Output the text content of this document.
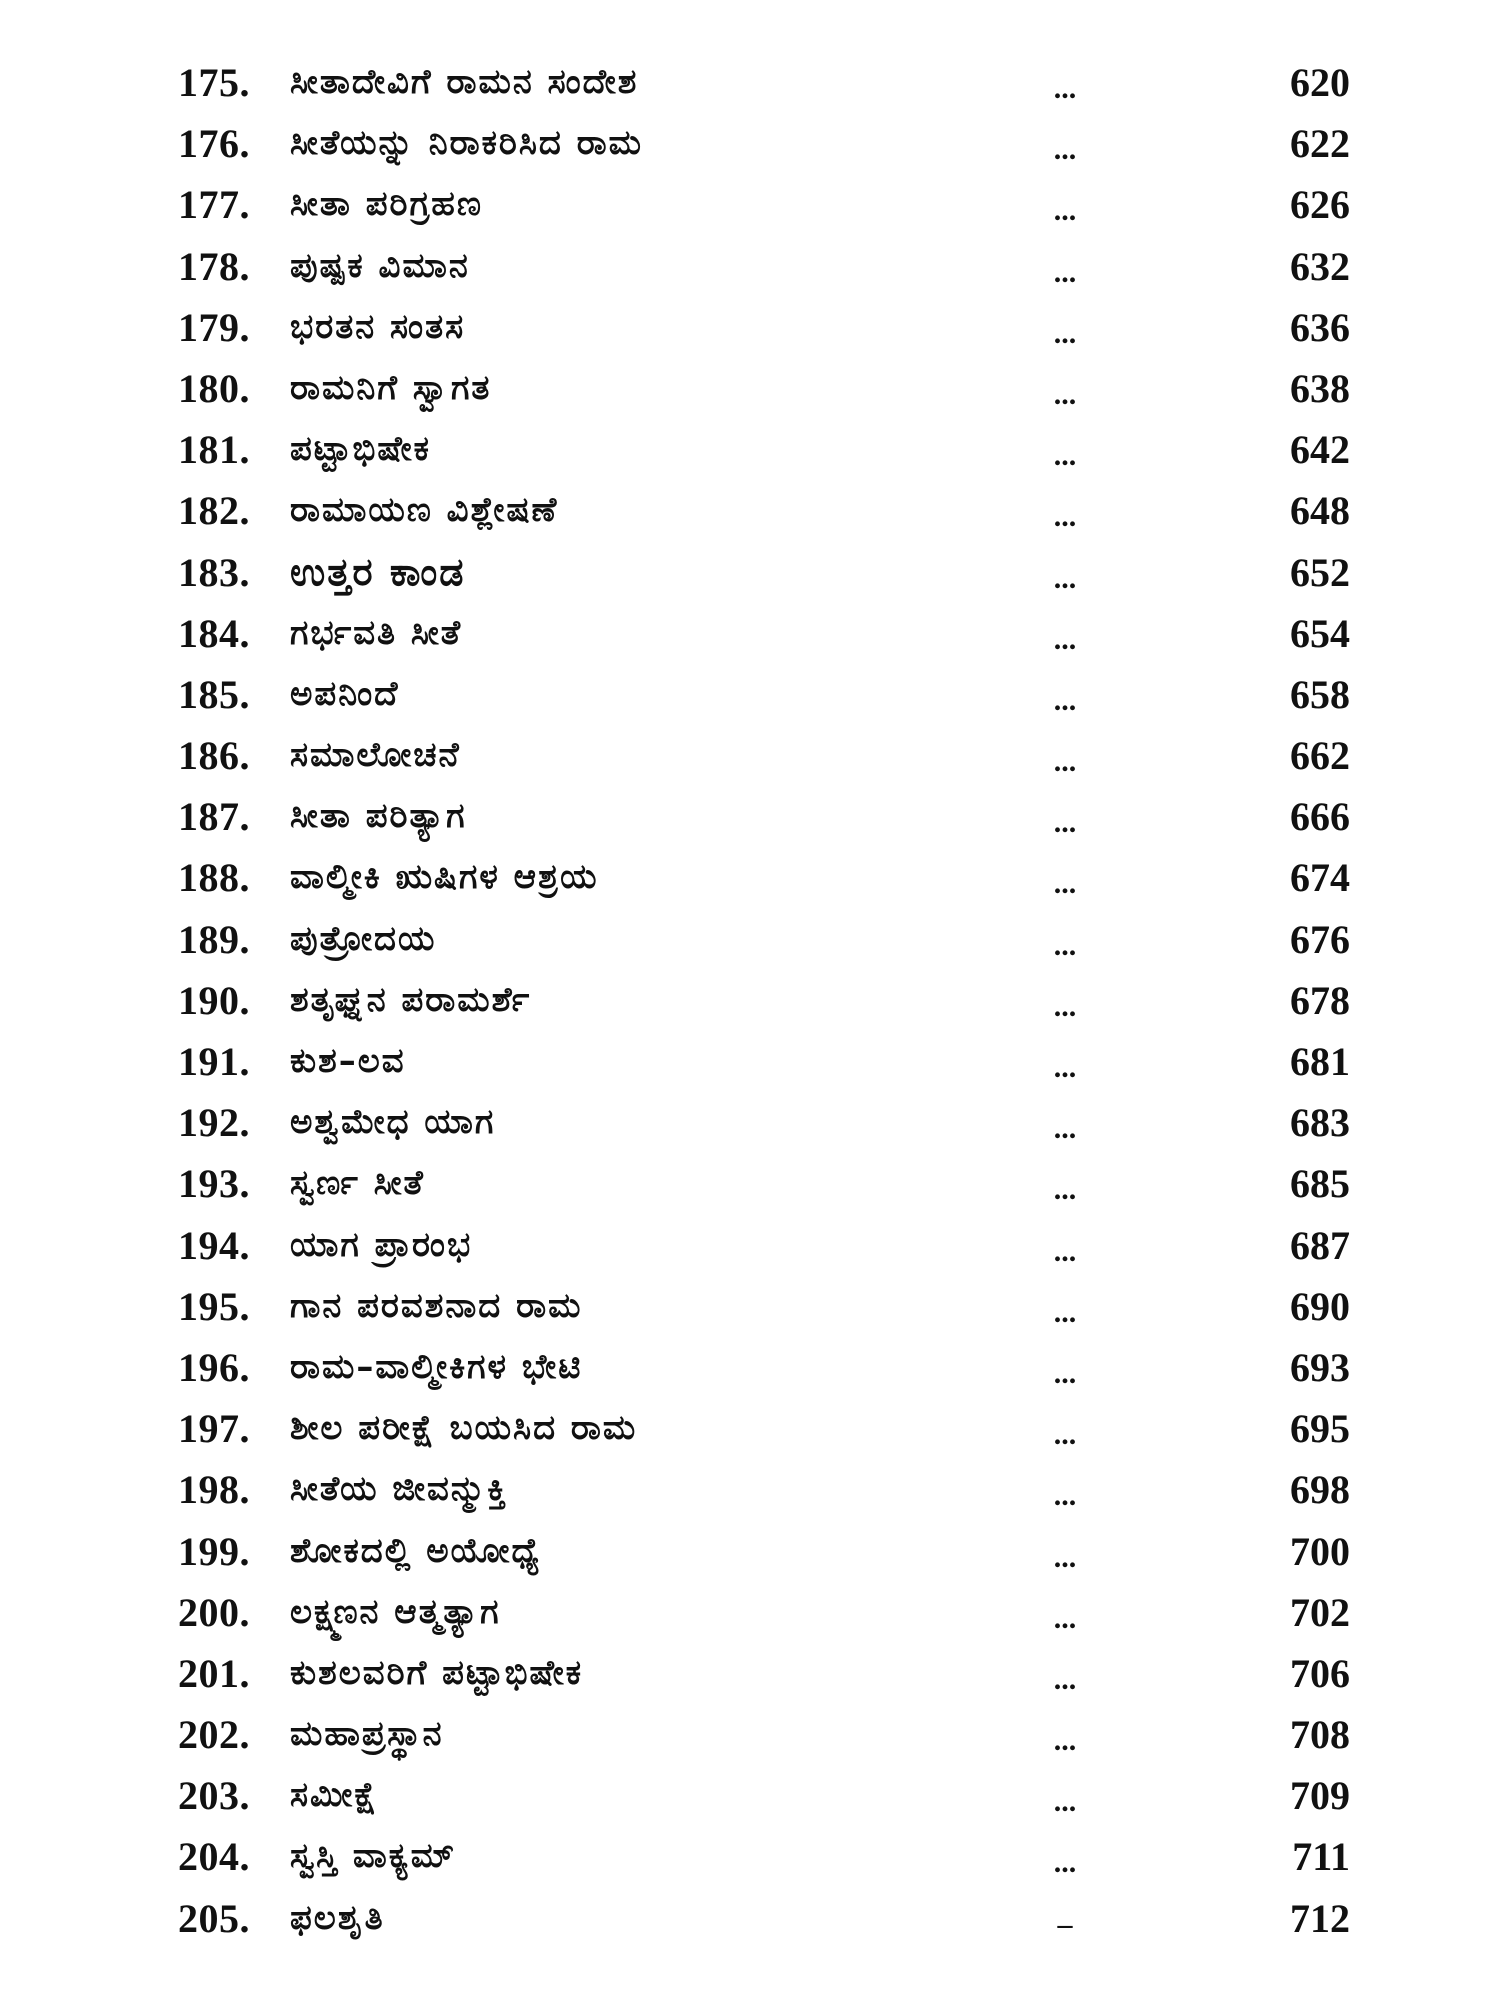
175. ಸೀತಾದೇವಿಗೆ ರಾಮನ ಸಂದೇಶ	...	620
176. ಸೀತೆಯನ್ನು ನಿರಾಕರಿಸಿದ ರಾಮ	...	622
177. ಸೀತಾ ಪರಿಗ್ರಹಣ	...	626
178. ಪುಷ್ಪಕ ವಿಮಾನ	...	632
179. ಭರತನ ಸಂತಸ	...	636
180. ರಾಮನಿಗೆ ಸ್ವಾಗತ	...	638
181. ಪಟ್ಟಾಭಿಷೇಕ	...	642
182. ರಾಮಾಯಣ ವಿಶ್ಲೇಷಣೆ	...	648
183. ಉತ್ತರ ಕಾಂಡ	...	652
184. ಗರ್ಭವತಿ ಸೀತೆ	...	654
185. ಅಪನಿಂದೆ	...	658
186. ಸಮಾಲೋಚನೆ	...	662
187. ಸೀತಾ ಪರಿತ್ಯಾಗ	...	666
188. ವಾಲ್ಮೀಕಿ ಋಷಿಗಳ ಆಶ್ರಯ	...	674
189. ಪುತ್ರೋದಯ	...	676
190. ಶತೃಘ್ನನ ಪರಾಮರ್ಶೆ	...	678
191. ಕುಶ–ಲವ	...	681
192. ಅಶ್ವಮೇಧ ಯಾಗ	...	683
193. ಸ್ವರ್ಣ ಸೀತೆ	...	685
194. ಯಾಗ ಪ್ರಾರಂಭ	...	687
195. ಗಾನ ಪರವಶನಾದ ರಾಮ	...	690
196. ರಾಮ–ವಾಲ್ಮೀಕಿಗಳ ಭೇಟಿ	...	693
197. ಶೀಲ ಪರೀಕ್ಷೆ ಬಯಸಿದ ರಾಮ	...	695
198. ಸೀತೆಯ ಜೀವನ್ಮುಕ್ತಿ	...	698
199. ಶೋಕದಲ್ಲಿ ಅಯೋಧ್ಯೆ	...	700
200. ಲಕ್ಷ್ಮಣನ ಆತ್ಮತ್ಯಾಗ	...	702
201. ಕುಶಲವರಿಗೆ ಪಟ್ಟಾಭಿಷೇಕ	...	706
202. ಮಹಾಪ್ರಸ್ಥಾನ	...	708
203. ಸಮೀಕ್ಷೆ	...	709
204. ಸ್ವಸ್ತಿ ವಾಕ್ಯಮ್	...	711
205. ಫಲಶೃತಿ	–	712
